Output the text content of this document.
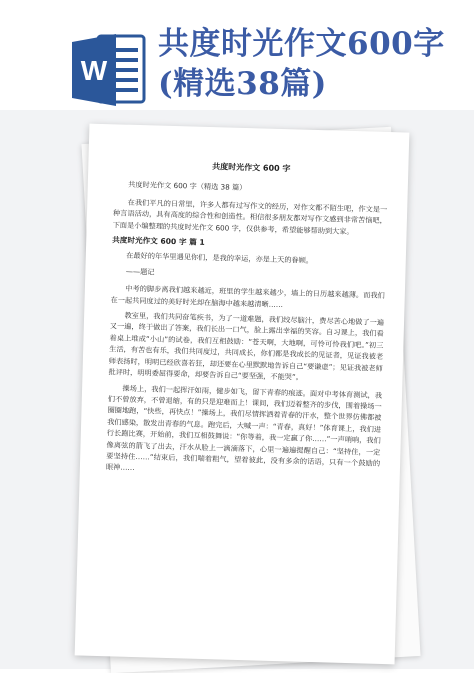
W
共度时光作文600字(精选38篇)
共度时光作文 600 字

共度时光作文 600 字（精选 38 篇）

在我们平凡的日常里，许多人都有过写作文的经历，对作文都不陌生吧，作文是一种言语活动，具有高度的综合性和创造性。相信很多朋友都对写作文感到非常苦恼吧，下面是小编整理的共度时光作文 600 字，仅供参考，希望能够帮助到大家。

共度时光作文 600 字 篇 1

在最好的年华里遇见你们，是我的幸运，亦是上天的眷顾。

——题记

中考的脚步离我们越来越近，班里的学生越来越少，墙上的日历越来越薄。而我们在一起共同度过的美好时光却在脑海中越来越清晰……

教室里，我们共同奋笔疾书，为了一道难题，我们绞尽脑汁，费尽苦心地做了一遍又一遍，终于做出了答案，我们长出一口气，脸上露出幸福的笑容。自习课上，我们看着桌上堆成“小山”的试卷，我们互相鼓励：“苍天啊，大地啊，可怜可怜我们吧。”初三生活，有苦也有乐，我们共同度过，共同成长，你们都是我成长的见证者，见证我被老师表扬时，明明已经欣喜若狂，却还要在心里默默地告诉自己“要谦虚”；见证我被老师批评时，明明委屈得要命，却要告诉自己“要坚强，不能哭”。

操场上，我们一起挥汗如雨，健步如飞，留下青春的痕迹。面对中考体育测试，我们不曾放弃，不曾退缩，有的只是迎难而上！课间，我们迈着整齐的步伐，围着操场一圈圈地跑，“快些，再快点！”操场上，我们尽情挥洒着青春的汗水，整个世界仿佛都被我们感染，散发出青春的气息。跑完后，大喊一声：“青春，真好！”体育课上，我们进行长跑比赛，开始前，我们互相鼓舞说：“你等着，我一定赢了你……”一声哨响，我们像离弦的箭飞了出去，汗水从脸上一滴滴落下，心里一遍遍提醒自己：“坚持住，一定要坚持住……”结束后，我们喘着粗气，望着彼此，没有多余的话语，只有一个鼓励的眼神……
